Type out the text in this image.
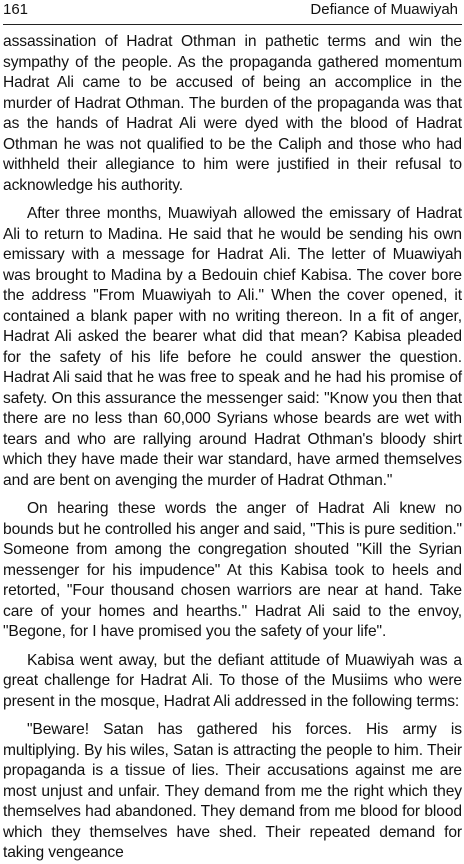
161	Defiance of Muawiyah

assassination of Hadrat Othman in pathetic terms and win the sympathy of the people. As the propaganda gathered momentum Hadrat Ali came to be accused of being an accomplice in the murder of Hadrat Othman. The burden of the propaganda was that as the hands of Hadrat Ali were dyed with the blood of Hadrat Othman he was not qualified to be the Caliph and those who had withheld their allegiance to him were justified in their refusal to acknowledge his authority.

After three months, Muawiyah allowed the emissary of Hadrat Ali to return to Madina. He said that he would be sending his own emissary with a message for Hadrat Ali. The letter of Muawiyah was brought to Madina by a Bedouin chief Kabisa. The cover bore the address "From Muawiyah to Ali." When the cover opened, it contained a blank paper with no writing thereon. In a fit of anger, Hadrat Ali asked the bearer what did that mean? Kabisa pleaded for the safety of his life before he could answer the question. Hadrat Ali said that he was free to speak and he had his promise of safety. On this assurance the messenger said: "Know you then that there are no less than 60,000 Syrians whose beards are wet with tears and who are rallying around Hadrat Othman's bloody shirt which they have made their war standard, have armed themselves and are bent on avenging the murder of Hadrat Othman."

On hearing these words the anger of Hadrat Ali knew no bounds but he controlled his anger and said, "This is pure sedition." Someone from among the congregation shouted "Kill the Syrian messenger for his impudence" At this Kabisa took to heels and retorted, "Four thousand chosen warriors are near at hand. Take care of your homes and hearths." Hadrat Ali said to the envoy, "Begone, for I have promised you the safety of your life".

Kabisa went away, but the defiant attitude of Muawiyah was a great challenge for Hadrat Ali. To those of the Musiims who were present in the mosque, Hadrat Ali addressed in the following terms:

"Beware! Satan has gathered his forces. His army is multiplying. By his wiles, Satan is attracting the people to him. Their propaganda is a tissue of lies. Their accusations against me are most unjust and unfair. They demand from me the right which they themselves had abandoned. They demand from me blood for blood which they themselves have shed. Their repeated demand for taking vengeance
